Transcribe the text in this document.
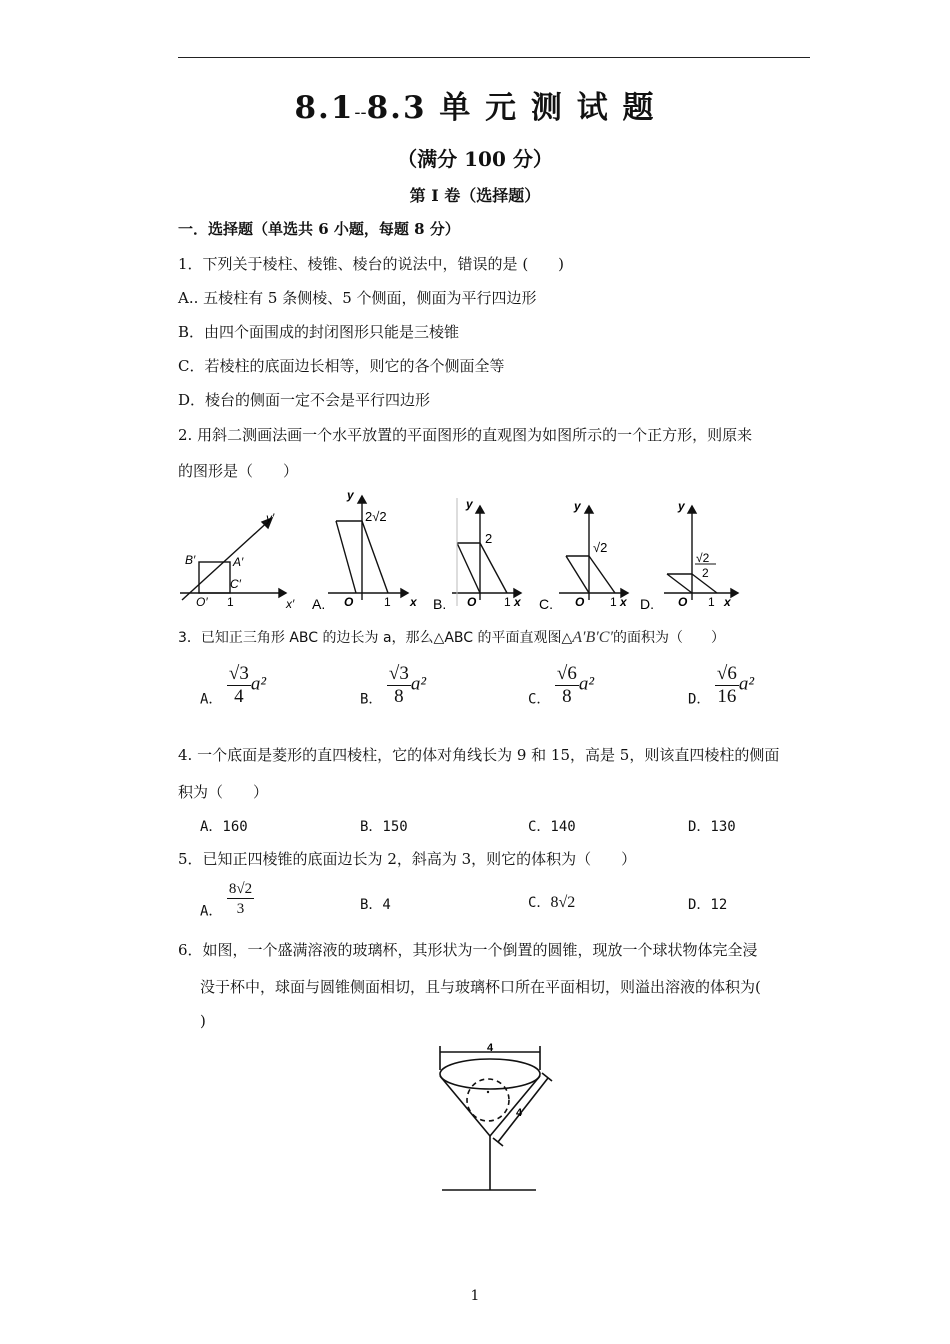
8.1--8.3 单 元 测 试 题
（满分 100 分）
第 Ⅰ 卷（选择题）
一．选择题（单选共 6 小题，每题 8 分）
1．下列关于棱柱、棱锥、棱台的说法中，错误的是 (　　)
A.. 五棱柱有 5 条侧棱、5 个侧面，侧面为平行四边形
B．由四个面围成的封闭图形只能是三棱锥
C．若棱柱的底面边长相等，则它的各个侧面全等
D．棱台的侧面一定不会是平行四边形
2. 用斜二测画法画一个水平放置的平面图形的直观图为如图所示的一个正方形，则原来
的图形是（　　）
y′
x′
O′
B′	A′
C′
1
y
2√2
O	1 x
A.
y
2
O 1 x
B.
y
√2
O 1 x
C.
y
√2
2
O 1 x
D.
3．已知正三角形 ABC 的边长为 a，那么△ABC 的平面直观图△A′B′C′的面积为（　　）
A． $\frac{√3}{4} a^2$
B． $\frac{√3}{8} a^2$
C． $\frac{√6}{8} a^2$
D． $\frac{√6}{16} a^2$
4. 一个底面是菱形的直四棱柱，它的体对角线长为 9 和 15，高是 5，则该直四棱柱的侧面
积为（　　）
A．160	B．150	C．140	D．130
5．已知正四棱锥的底面边长为 2，斜高为 3，则它的体积为（　　）
A． $\frac{8√2}{3}$	B．4	C．8√2	D．12
6．如图，一个盛满溶液的玻璃杯，其形状为一个倒置的圆锥，现放一个球状物体完全浸
没于杯中，球面与圆锥侧面相切，且与玻璃杯口所在平面相切，则溢出溶液的体积为(
)
4
4
1
